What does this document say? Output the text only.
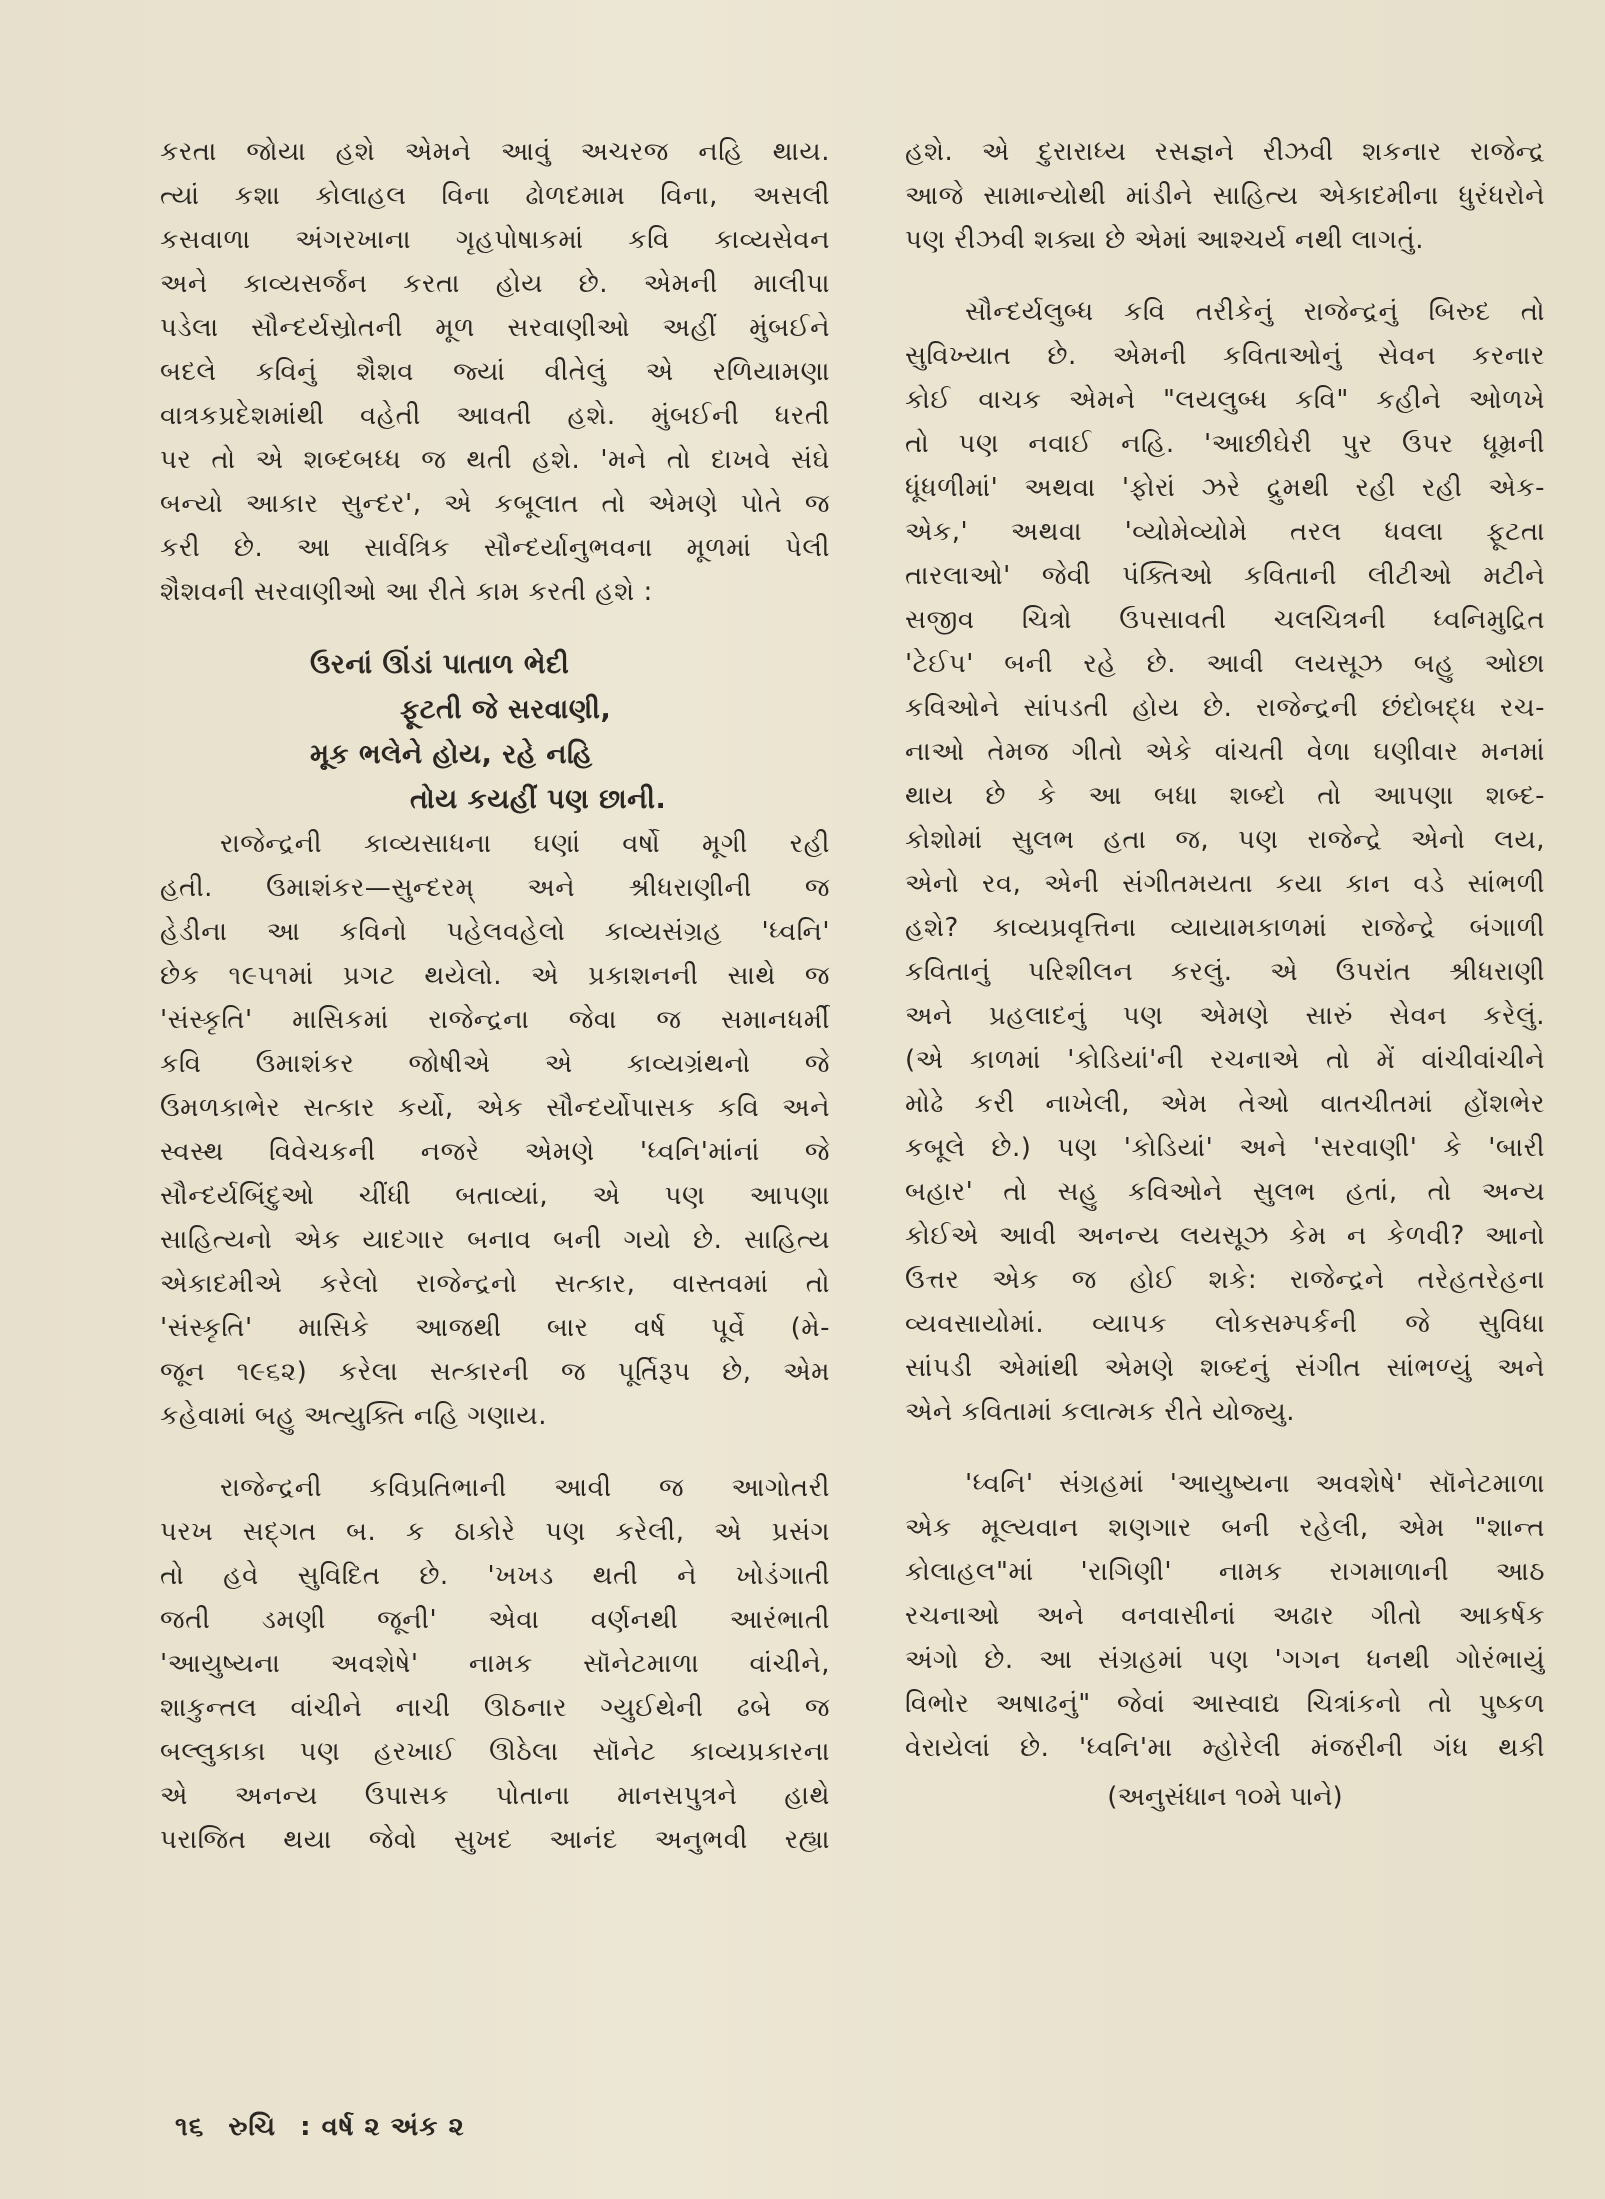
કરતા જોયા હશે એમને આવું અચરજ નહિ થાય.
ત્યાં કશા કોલાહલ વિના ઢોળદમામ વિના, અસલી
કસવાળા અંગરખાના ગૃહપોષાકમાં કવિ કાવ્યસેવન
અને કાવ્યસર્જન કરતા હોય છે. એમની માલીપા
પડેલા સૌન્દર્યસ્રોતની મૂળ સરવાણીઓ અહીં મુંબઈને
બદલે કવિનું શૈશવ જ્યાં વીતેલું એ રળિયામણા
વાત્રકપ્રદેશમાંથી વહેતી આવતી હશે. મુંબઈની ધરતી
પર તો એ શબ્દબધ્ધ જ થતી હશે. 'મને તો દાખવે સંઘે
બન્યો આકાર સુન્દર', એ કબૂલાત તો એમણે પોતે જ
કરી છે. આ સાર્વત્રિક સૌન્દર્યાનુભવના મૂળમાં પેલી
શૈશવની સરવાણીઓ આ રીતે કામ કરતી હશે :
ઉરનાં ઊંડાં પાતાળ ભેદી
ફૂટતી જે સરવાણી,
મૂક ભલેને હોય, રહે નહિ
તોય કયહીં પણ છાની.
રાજેન્દ્રની કાવ્યસાધના ઘણાં વર્ષો મૂગી રહી
હતી. ઉમાશંકર—સુન્દરમ્ અને શ્રીધરાણીની જ
હેડીના આ કવિનો પહેલવહેલો કાવ્યસંગ્રહ 'ધ્વનિ'
છેક ૧૯૫૧માં પ્રગટ થયેલો. એ પ્રકાશનની સાથે જ
'સંસ્કૃતિ' માસિકમાં રાજેન્દ્રના જેવા જ સમાનધર્મી
કવિ ઉમાશંકર જોષીએ એ કાવ્યગ્રંથનો જે
ઉમળકાભેર સત્કાર કર્યો, એક સૌન્દર્યોપાસક કવિ અને
સ્વસ્થ વિવેચકની નજરે એમણે 'ધ્વનિ'માંનાં જે
સૌન્દર્યબિંદુઓ ચીંધી બતાવ્યાં, એ પણ આપણા
સાહિત્યનો એક યાદગાર બનાવ બની ગયો છે. સાહિત્ય
એકાદમીએ કરેલો રાજેન્દ્રનો સત્કાર, વાસ્તવમાં તો
'સંસ્કૃતિ' માસિકે આજથી બાર વર્ષ પૂર્વે (મે-
જૂન ૧૯૬૨) કરેલા સત્કારની જ પૂર્તિરૂપ છે, એમ
કહેવામાં બહુ અત્યુક્તિ નહિ ગણાય.
રાજેન્દ્રની કવિપ્રતિભાની આવી જ આગોતરી
પરખ સદ્ગત બ. ક ઠાકોરે પણ કરેલી, એ પ્રસંગ
તો હવે સુવિદિત છે. 'ખખડ થતી ને ખોડંગાતી
જતી ડમણી જૂની' એવા વર્ણનથી આરંભાતી
'આયુષ્યના અવશેષે' નામક સૉનેટમાળા વાંચીને,
શાકુન્તલ વાંચીને નાચી ઊઠનાર ગ્યુઈથેની ઢબે જ
બલ્લુકાકા પણ હરખાઈ ઊઠેલા સૉનેટ કાવ્યપ્રકારના
એ અનન્ય ઉપાસક પોતાના માનસપુત્રને હાથે
પરાજિત થયા જેવો સુખદ આનંદ અનુભવી રહ્યા
હશે. એ દુરારાધ્ય રસજ્ઞને રીઝવી શકનાર રાજેન્દ્ર
આજે સામાન્યોથી માંડીને સાહિત્ય એકાદમીના ધુરંધરોને
પણ રીઝવી શક્યા છે એમાં આશ્ચર્ય નથી લાગતું.
સૌન્દર્યલુબ્ધ કવિ તરીકેનું રાજેન્દ્રનું બિરુદ તો
સુવિખ્યાત છે. એમની કવિતાઓનું સેવન કરનાર
કોઈ વાચક એમને "લયલુબ્ધ કવિ" કહીને ઓળખે
તો પણ નવાઈ નહિ. 'આછીઘેરી પુર ઉપર ધૂમ્રની
ધૂંધળીમાં' અથવા 'ફોરાં ઝરે દ્રુમથી રહી રહી એક-
એક,' અથવા 'વ્યોમેવ્યોમે તરલ ધવલા ફૂટતા
તારલાઓ' જેવી પંક્તિઓ કવિતાની લીટીઓ મટીને
સજીવ ચિત્રો ઉપસાવતી ચલચિત્રની ધ્વનિમુદ્રિત
'ટેઈપ' બની રહે છે. આવી લયસૂઝ બહુ ઓછા
કવિઓને સાંપડતી હોય છે. રાજેન્દ્રની છંદોબદ્ધ રચ-
નાઓ તેમજ ગીતો એકે વાંચતી વેળા ઘણીવાર મનમાં
થાય છે કે આ બધા શબ્દો તો આપણા શબ્દ-
કોશોમાં સુલભ હતા જ, પણ રાજેન્દ્રે એનો લય,
એનો રવ, એની સંગીતમયતા કયા કાન વડે સાંભળી
હશે? કાવ્યપ્રવૃત્તિના વ્યાયામકાળમાં રાજેન્દ્રે બંગાળી
કવિતાનું પરિશીલન કરલું. એ ઉપરાંત શ્રીધરાણી
અને પ્રહલાદનું પણ એમણે સારું સેવન કરેલું.
(એ કાળમાં 'કોડિયાં'ની રચનાએ તો મેં વાંચીવાંચીને
મોઢે કરી નાખેલી, એમ તેઓ વાતચીતમાં હોંશભેર
કબૂલે છે.) પણ 'કોડિયાં' અને 'સરવાણી' કે 'બારી
બહાર' તો સહુ કવિઓને સુલભ હતાં, તો અન્ય
કોઈએ આવી અનન્ય લયસૂઝ કેમ ન કેળવી? આનો
ઉત્તર એક જ હોઈ શકે: રાજેન્દ્રને તરેહતરેહના
વ્યવસાયોમાં. વ્યાપક લોકસમ્પર્કની જે સુવિધા
સાંપડી એમાંથી એમણે શબ્દનું સંગીત સાંભળ્યું અને
એને કવિતામાં કલાત્મક રીતે યોજ્યુ.
'ધ્વનિ' સંગ્રહમાં 'આયુષ્યના અવશેષે' સૉનેટમાળા
એક મૂલ્યવાન શણગાર બની રહેલી, એમ "શાન્ત
કોલાહલ"માં 'રાગિણી' નામક રાગમાળાની આઠ
રચનાઓ અને વનવાસીનાં અઢાર ગીતો આકર્ષક
અંગો છે. આ સંગ્રહમાં પણ 'ગગન ધનથી ગોરંભાયું
વિભોર અષાઢનું" જેવાં આસ્વાદ્ય ચિત્રાંકનો તો પુષ્કળ
વેરાયેલાં છે. 'ધ્વનિ'મા મ્હોરેલી મંજરીની ગંધ થકી
(અનુસંધાન ૧૦મે પાને)
૧૬ રુચિ : વર્ષ ૨ અંક ૨
